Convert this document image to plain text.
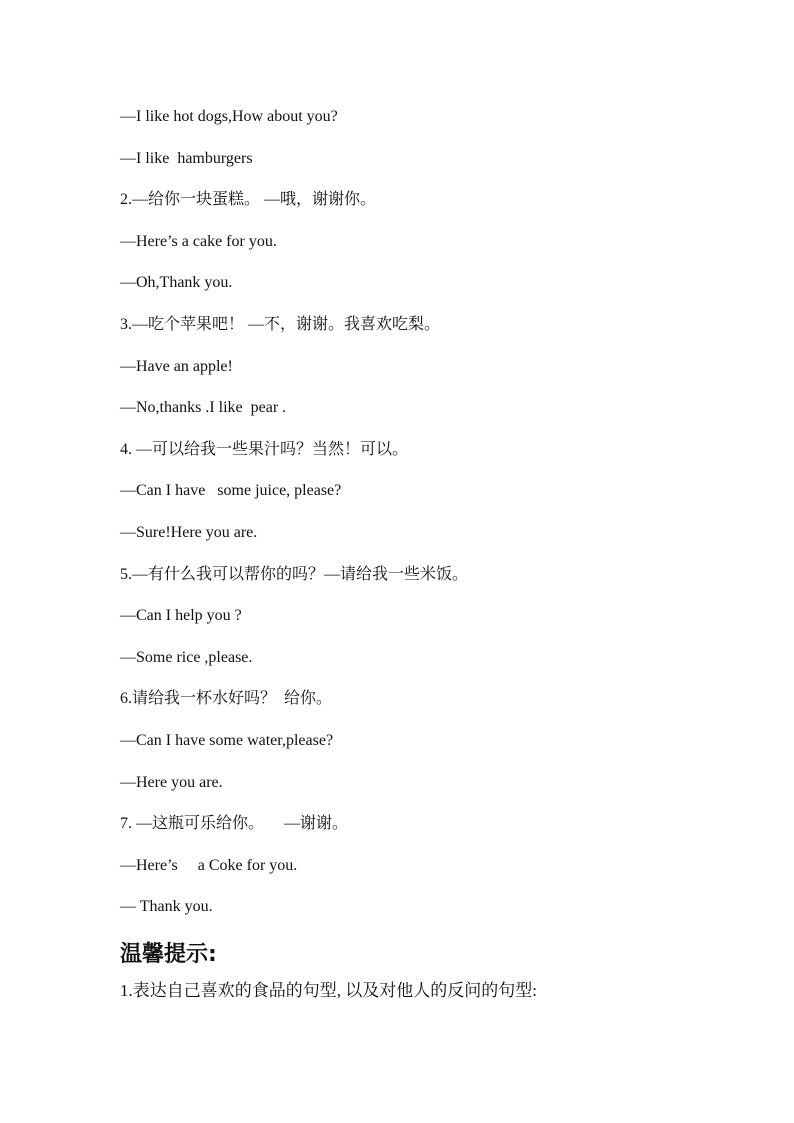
—I like hot dogs,How about you?
—I like  hamburgers
2.—给你一块蛋糕。 —哦，谢谢你。
—Here’s a cake for you.
—Oh,Thank you.
3.—吃个苹果吧！ —不，谢谢。我喜欢吃梨。
—Have an apple!
—No,thanks .I like  pear .
4. —可以给我一些果汁吗？当然！可以。
—Can I have   some juice, please?
—Sure!Here you are.
5.—有什么我可以帮你的吗？—请给我一些米饭。
—Can I help you ?
—Some rice ,please.
6.请给我一杯水好吗？  给你。
—Can I have some water,please?
—Here you are.
7. —这瓶可乐给你。     —谢谢。
—Here’s     a Coke for you.
— Thank you.
温馨提示:
1.表达自己喜欢的食品的句型, 以及对他人的反问的句型:
